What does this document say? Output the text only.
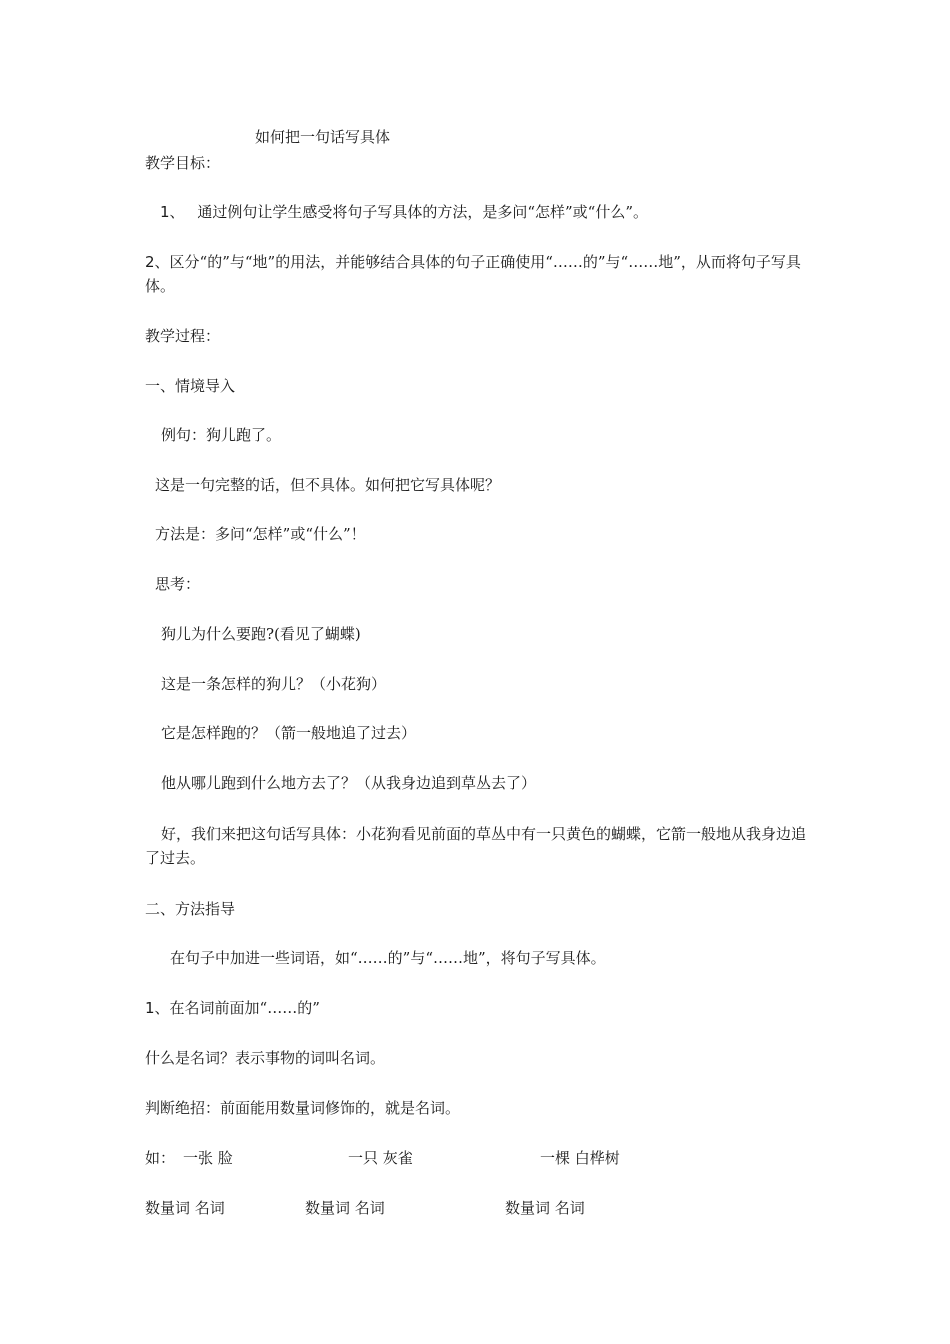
如何把一句话写具体
教学目标：
1、 通过例句让学生感受将句子写具体的方法，是多问“怎样”或“什么”。
2、区分“的”与“地”的用法，并能够结合具体的句子正确使用“……的”与“……地”，从而将句子写具体。
教学过程：
一、情境导入
例句：狗儿跑了。
这是一句完整的话，但不具体。如何把它写具体呢？
方法是：多问“怎样”或“什么”！
思考：
狗儿为什么要跑?(看见了蝴蝶)
这是一条怎样的狗儿？（小花狗）
它是怎样跑的？（箭一般地追了过去）
他从哪儿跑到什么地方去了？（从我身边追到草丛去了）
好，我们来把这句话写具体：小花狗看见前面的草丛中有一只黄色的蝴蝶，它箭一般地从我身边追了过去。
二、方法指导
在句子中加进一些词语，如“……的”与“……地”，将句子写具体。
1、在名词前面加“……的”
什么是名词？表示事物的词叫名词。
判断绝招：前面能用数量词修饰的，就是名词。
如： 一张 脸	一只 灰雀	一棵 白桦树
数量词 名词	数量词 名词	数量词 名词
